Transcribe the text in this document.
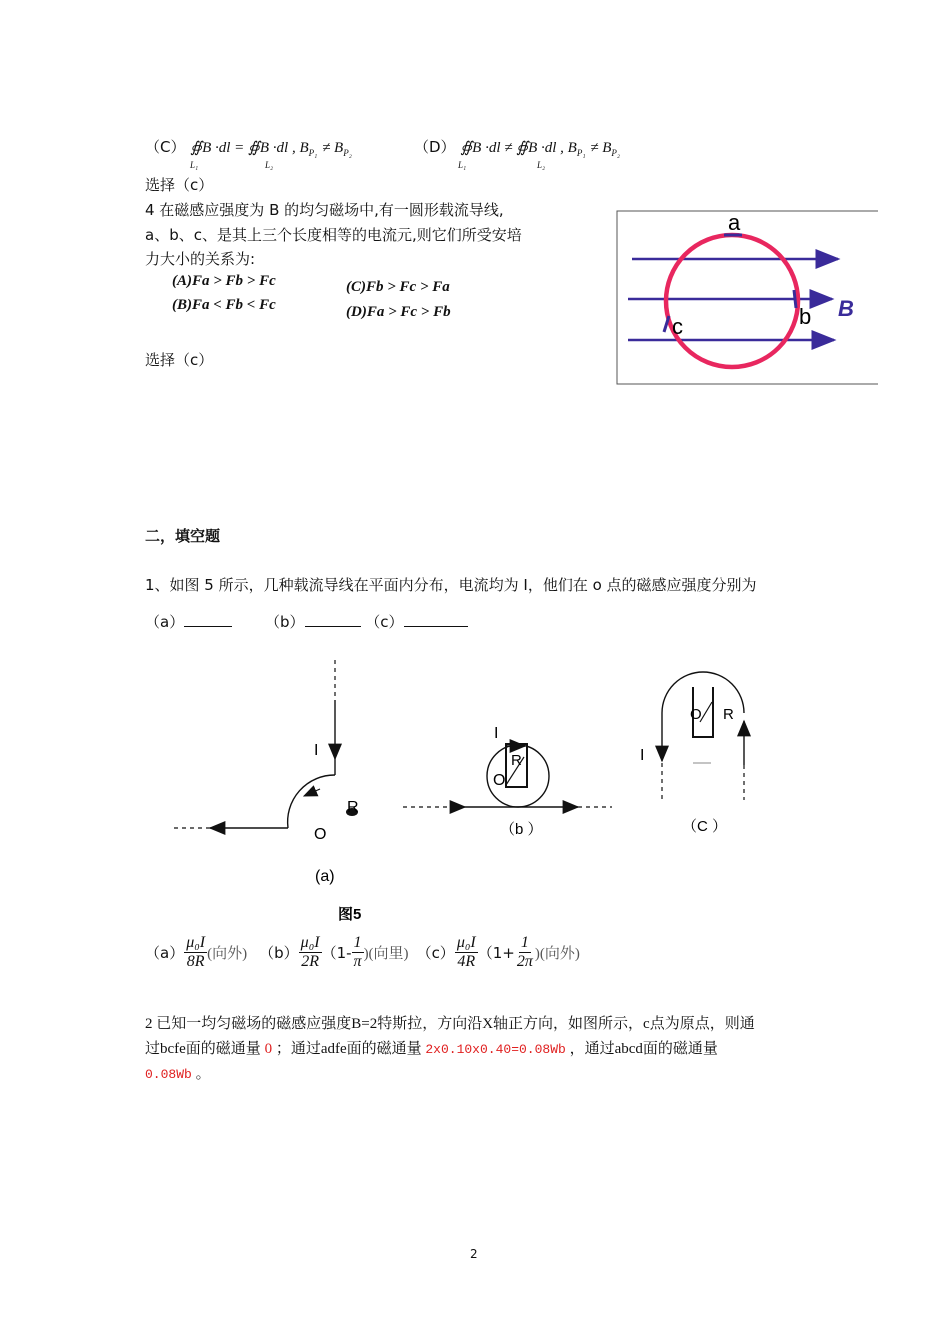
（C） ∯B ·dl = ∯B ·dl , $B_{P_1} \ne B_{P_2}$
L₁	L₂
（D） ∯B ·dl ≠ ∯B ·dl , $B_{P_1} \ne B_{P_2}$
L₁	L₂
选择（c）
4 在磁感应强度为 B 的均匀磁场中,有一圆形载流导线,
a、b、c、是其上三个长度相等的电流元,则它们所受安培
力大小的关系为:
(A)Fa > Fb > Fc
(B)Fa < Fb < Fc
(C)Fb > Fc > Fa
(D)Fa > Fc > Fb
选择（c）
a
b
c
B
二，填空题
1、如图 5 所示，几种载流导线在平面内分布，电流均为 I，他们在 o 点的磁感应强度分别为
（a）	（b）	（c）
I
R
O
(a)
I
R
O
（b ）
I
R
O
（C ）
图5
$(a) \frac{\text{μ₀I}}{8R}$ (向外) $(b) \frac{\text{μ₀I}}{2R} (1- \frac{1}{\pi}$ )(向里) $(c) \frac{\text{μ₀I}}{4R} (1+ \frac{1}{2\pi}$ )(向外)
2 已知一均匀磁场的磁感应强度B=2特斯拉，方向沿X轴正方向，如图所示，c点为原点，则通
过bcfe面的磁通量 0 ；通过adfe面的磁通量 2x0.10x0.40=0.08Wb ，通过abcd面的磁通量
0.08Wb 。
2
